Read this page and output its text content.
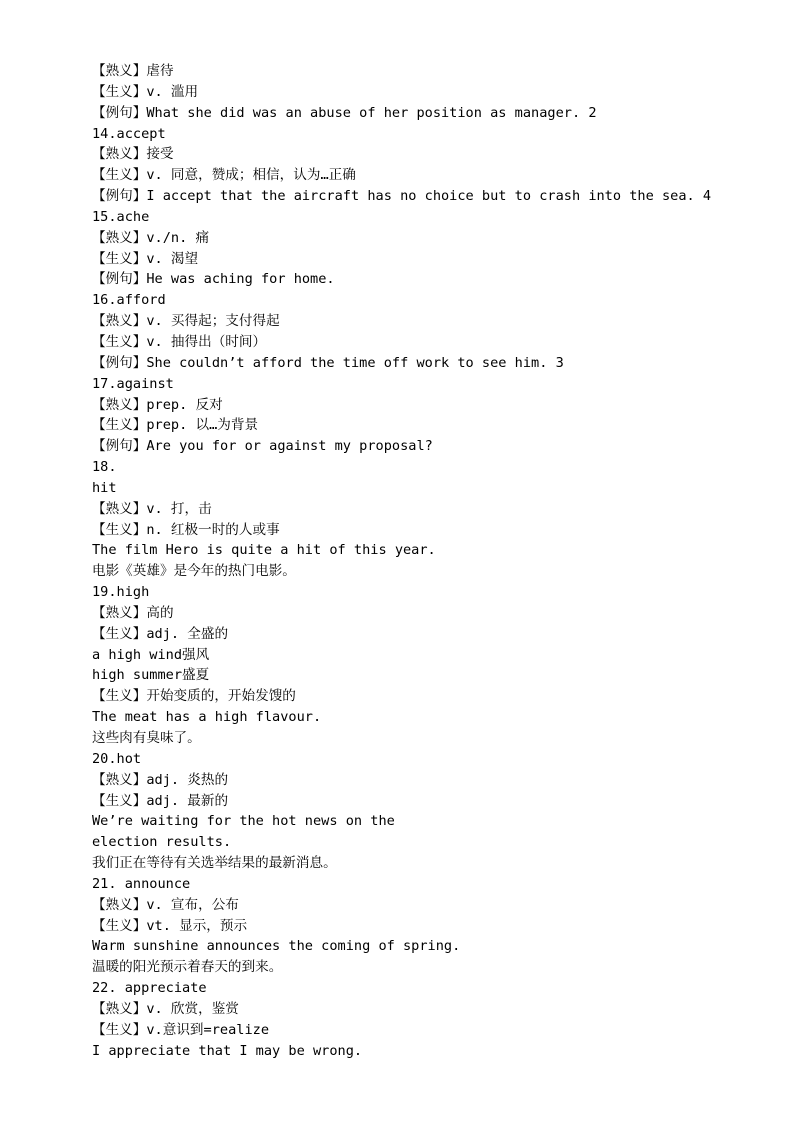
【熟义】虐待
【生义】v. 滥用
【例句】What she did was an abuse of her position as manager. 2
14.accept
【熟义】接受
【生义】v. 同意，赞成；相信，认为…正确
【例句】I accept that the aircraft has no choice but to crash into the sea. 4
15.ache
【熟义】v./n. 痛
【生义】v. 渴望
【例句】He was aching for home.
16.afford
【熟义】v. 买得起；支付得起
【生义】v. 抽得出（时间）
【例句】She couldn’t afford the time off work to see him. 3
17.against
【熟义】prep. 反对
【生义】prep. 以…为背景
【例句】Are you for or against my proposal?
18.
hit
【熟义】v. 打，击
【生义】n. 红极一时的人或事
The film Hero is quite a hit of this year.
电影《英雄》是今年的热门电影。
19.high
【熟义】高的
【生义】adj. 全盛的
a high wind强风
high summer盛夏
【生义】开始变质的，开始发馊的
The meat has a high flavour.
这些肉有臭味了。
20.hot
【熟义】adj. 炎热的
【生义】adj. 最新的
We’re waiting for the hot news on the
election results.
我们正在等待有关选举结果的最新消息。
21. announce
【熟义】v. 宣布，公布
【生义】vt. 显示，预示
Warm sunshine announces the coming of spring.
温暖的阳光预示着春天的到来。
22. appreciate
【熟义】v. 欣赏，鉴赏
【生义】v.意识到=realize
I appreciate that I may be wrong.
